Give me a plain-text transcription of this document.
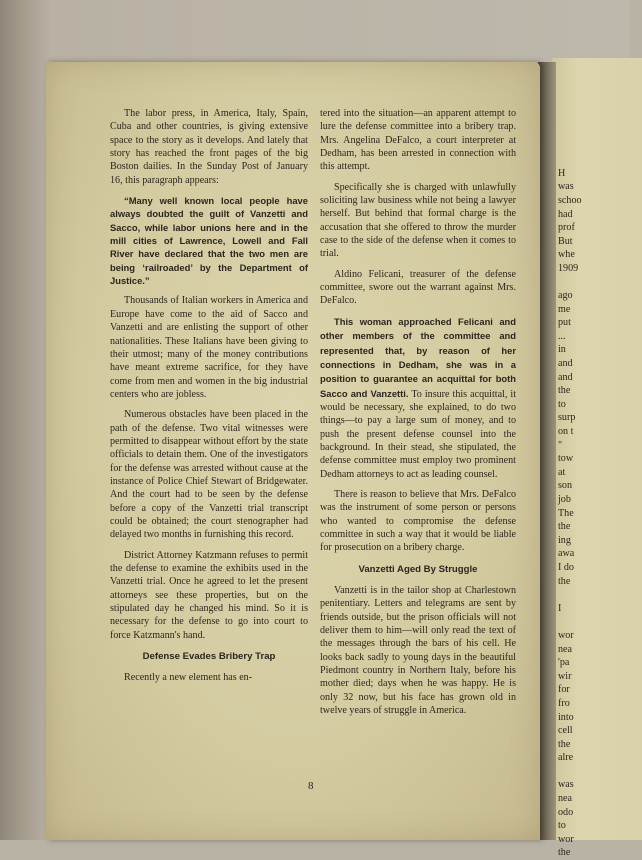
H
was
schoo
had
prof
But
whe
1909
ago
me
put
...
in
and
and
the
to
surp
on t
"
tow
at
son
job
The
the
ing
awa
I do
the
I
wor
nea
'pa
wir
for
fro
into
cell
the
alre
was
nea
odo
to
wor
the

The labor press, in America, Italy, Spain, Cuba and other countries, is giving extensive space to the story as it develops. And lately that story has reached the front pages of the big Boston dailies. In the Sunday Post of January 16, this paragraph appears:

“Many well known local people have always doubted the guilt of Vanzetti and Sacco, while labor unions here and in the mill cities of Lawrence, Lowell and Fall River have declared that the two men are being ‘railroaded’ by the Department of Justice.”

Thousands of Italian workers in America and Europe have come to the aid of Sacco and Vanzetti and are enlisting the support of other nationalities. These Italians have been giving to their utmost; many of the money contributions have meant extreme sacrifice, for they have come from men and women in the big industrial centers who are jobless.

Numerous obstacles have been placed in the path of the defense. Two vital witnesses were permitted to disappear without effort by the state officials to detain them. One of the investigators for the defense was arrested without cause at the instance of Police Chief Stewart of Bridgewater. And the court had to be seen by the defense before a copy of the Vanzetti trial transcript could be obtained; the court stenographer had delayed two months in furnishing this record.

District Attorney Katzmann refuses to permit the defense to examine the exhibits used in the Vanzetti trial. Once he agreed to let the present attorneys see these properties, but on the stipulated day he changed his mind. So it is necessary for the defense to go into court to force Katzmann's hand.

Defense Evades Bribery Trap

Recently a new element has en-

tered into the situation—an apparent attempt to lure the defense committee into a bribery trap. Mrs. Angelina DeFalco, a court interpreter at Dedham, has been arrested in connection with this attempt.

Specifically she is charged with unlawfully soliciting law business while not being a lawyer herself. But behind that formal charge is the accusation that she offered to throw the murder case to the side of the defense when it comes to trial.

Aldino Felicani, treasurer of the defense committee, swore out the warrant against Mrs. DeFalco.

This woman approached Felicani and other members of the committee and represented that, by reason of her connections in Dedham, she was in a position to guarantee an acquittal for both Sacco and Vanzetti. To insure this acquittal, it would be necessary, she explained, to do two things—to pay a large sum of money, and to push the present defense counsel into the background. In their stead, she stipulated, the defense committee must employ two prominent Dedham attorneys to act as leading counsel.

There is reason to believe that Mrs. DeFalco was the instrument of some person or persons who wanted to compromise the defense committee in such a way that it would be liable for prosecution on a bribery charge.

Vanzetti Aged By Struggle

Vanzetti is in the tailor shop at Charlestown penitentiary. Letters and telegrams are sent by friends outside, but the prison officials will not deliver them to him—will only read the text of the messages through the bars of his cell. He looks back sadly to young days in the beautiful Piedmont country in Northern Italy, before his mother died; days when he was happy. He is only 32 now, but his face has grown old in twelve years of struggle in America.

8
